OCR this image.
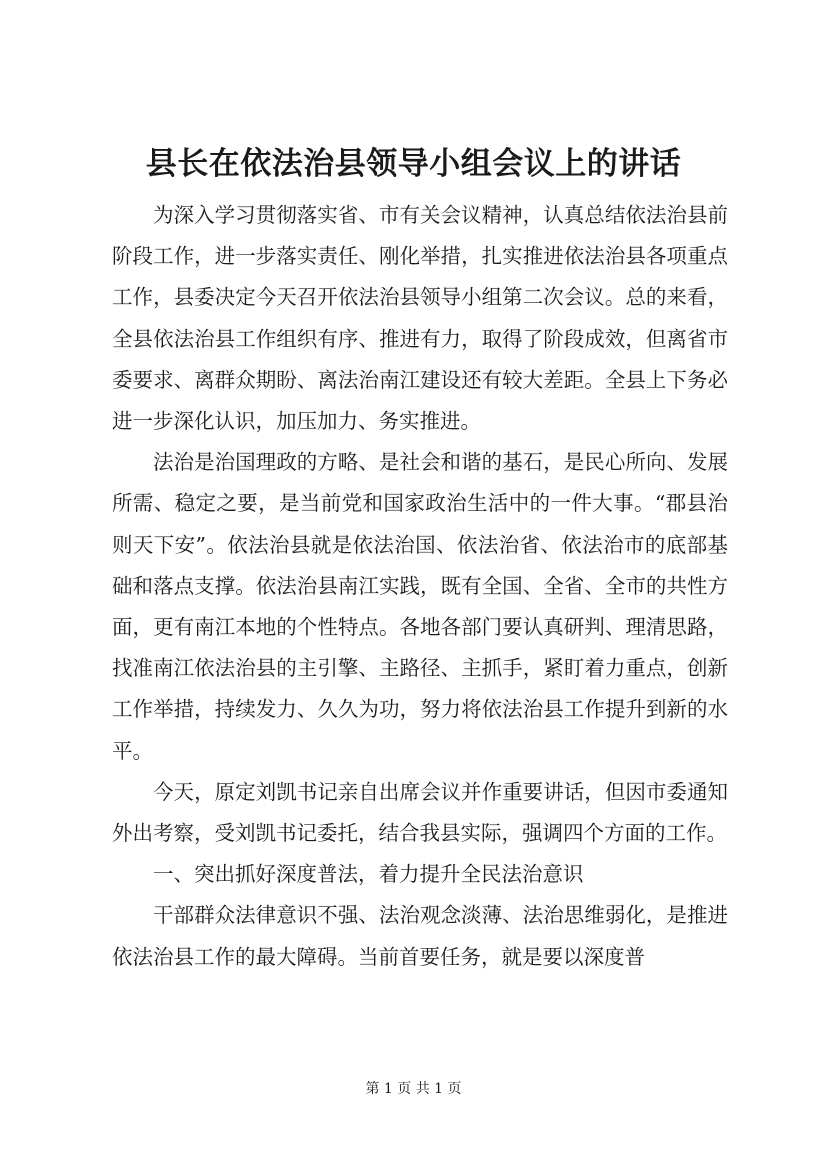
县长在依法治县领导小组会议上的讲话

为深入学习贯彻落实省、市有关会议精神，认真总结依法治县前阶段工作，进一步落实责任、刚化举措，扎实推进依法治县各项重点工作，县委决定今天召开依法治县领导小组第二次会议。总的来看，全县依法治县工作组织有序、推进有力，取得了阶段成效，但离省市委要求、离群众期盼、离法治南江建设还有较大差距。全县上下务必进一步深化认识，加压加力、务实推进。

法治是治国理政的方略、是社会和谐的基石，是民心所向、发展所需、稳定之要，是当前党和国家政治生活中的一件大事。“郡县治则天下安”。依法治县就是依法治国、依法治省、依法治市的底部基础和落点支撑。依法治县南江实践，既有全国、全省、全市的共性方面，更有南江本地的个性特点。各地各部门要认真研判、理清思路，找准南江依法治县的主引擎、主路径、主抓手，紧盯着力重点，创新工作举措，持续发力、久久为功，努力将依法治县工作提升到新的水平。

今天，原定刘凯书记亲自出席会议并作重要讲话，但因市委通知外出考察，受刘凯书记委托，结合我县实际，强调四个方面的工作。

一、突出抓好深度普法，着力提升全民法治意识

干部群众法律意识不强、法治观念淡薄、法治思维弱化，是推进依法治县工作的最大障碍。当前首要任务，就是要以深度普

第 1 页 共 1 页
